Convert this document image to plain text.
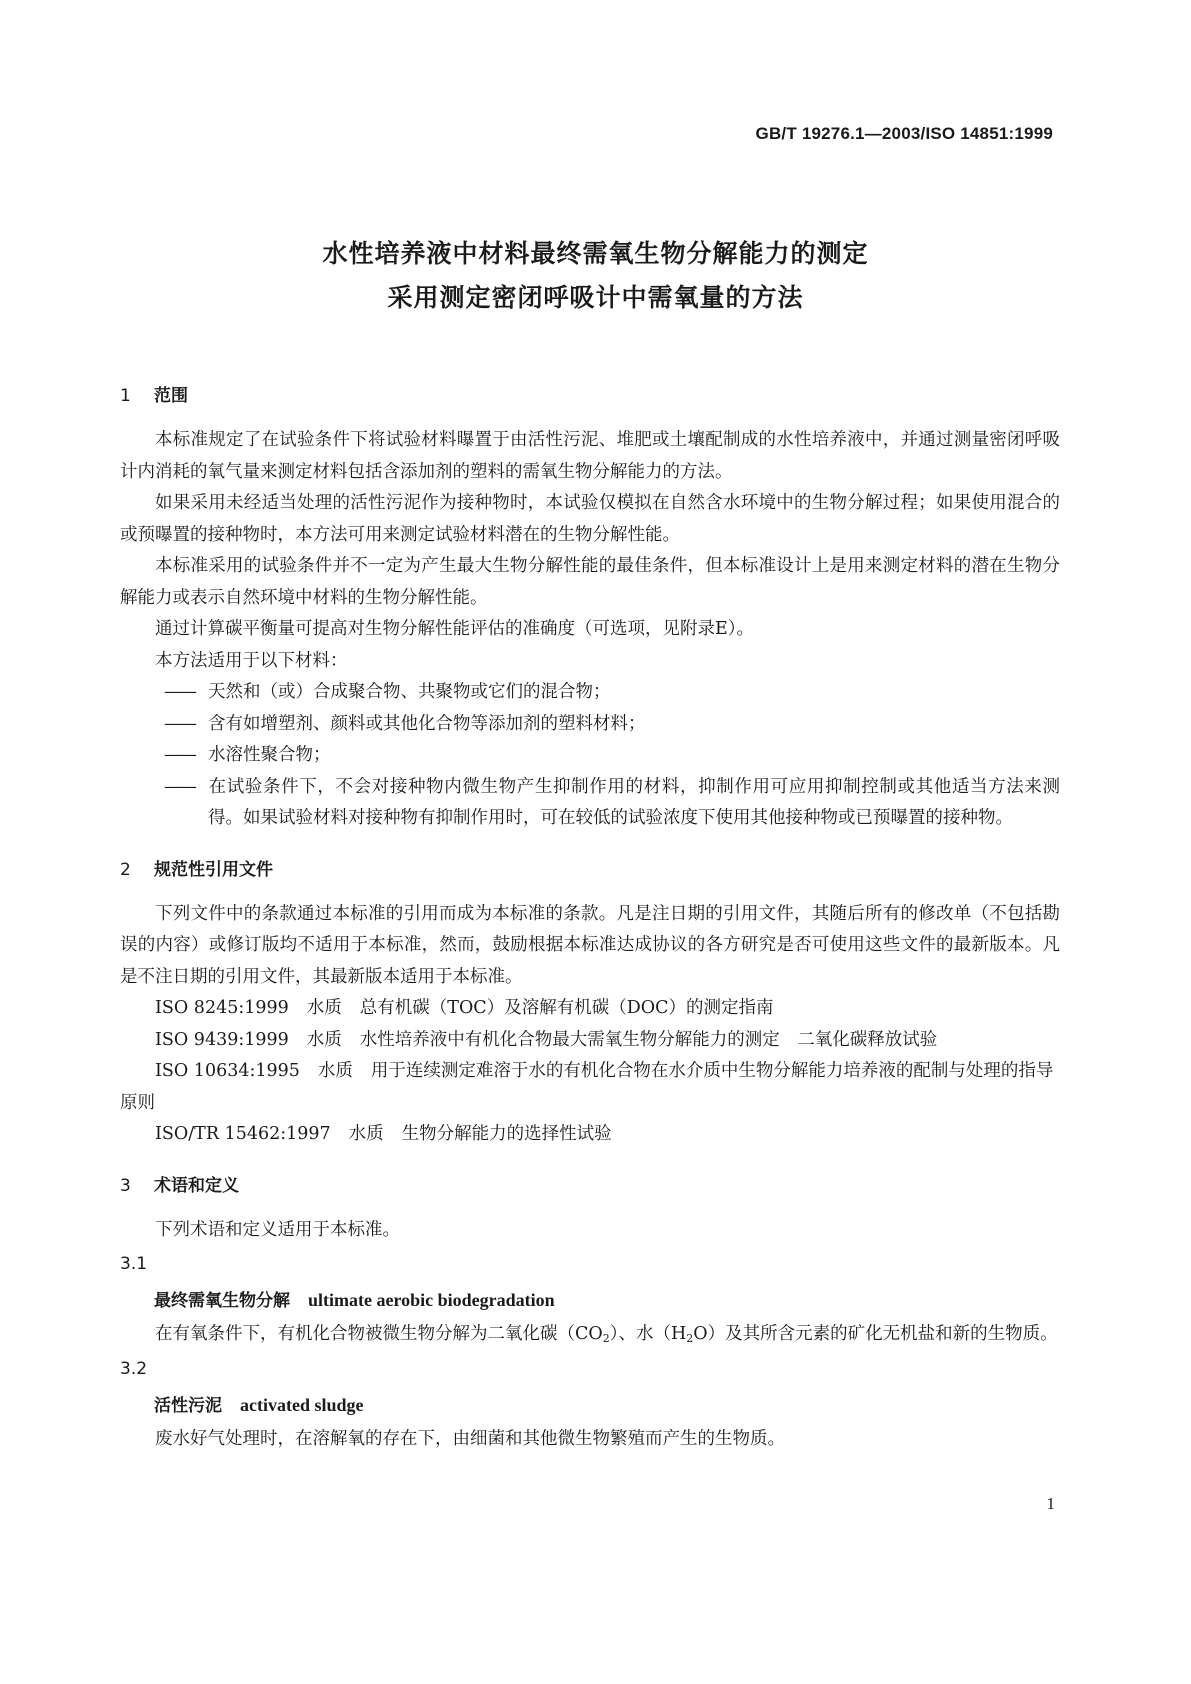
GB/T 19276.1—2003/ISO 14851:1999
水性培养液中材料最终需氧生物分解能力的测定
采用测定密闭呼吸计中需氧量的方法
1 范围

本标准规定了在试验条件下将试验材料曝置于由活性污泥、堆肥或土壤配制成的水性培养液中，并通过测量密闭呼吸计内消耗的氧气量来测定材料包括含添加剂的塑料的需氧生物分解能力的方法。

如果采用未经适当处理的活性污泥作为接种物时，本试验仅模拟在自然含水环境中的生物分解过程；如果使用混合的或预曝置的接种物时，本方法可用来测定试验材料潜在的生物分解性能。

本标准采用的试验条件并不一定为产生最大生物分解性能的最佳条件，但本标准设计上是用来测定材料的潜在生物分解能力或表示自然环境中材料的生物分解性能。

通过计算碳平衡量可提高对生物分解性能评估的准确度（可选项，见附录E）。

本方法适用于以下材料：

—— 天然和（或）合成聚合物、共聚物或它们的混合物；

—— 含有如增塑剂、颜料或其他化合物等添加剂的塑料材料；

—— 水溶性聚合物；

—— 在试验条件下，不会对接种物内微生物产生抑制作用的材料，抑制作用可应用抑制控制或其他适当方法来测得。如果试验材料对接种物有抑制作用时，可在较低的试验浓度下使用其他接种物或已预曝置的接种物。

2 规范性引用文件

下列文件中的条款通过本标准的引用而成为本标准的条款。凡是注日期的引用文件，其随后所有的修改单（不包括勘误的内容）或修订版均不适用于本标准，然而，鼓励根据本标准达成协议的各方研究是否可使用这些文件的最新版本。凡是不注日期的引用文件，其最新版本适用于本标准。

ISO 8245:1999 水质 总有机碳（TOC）及溶解有机碳（DOC）的测定指南

ISO 9439:1999 水质 水性培养液中有机化合物最大需氧生物分解能力的测定　二氧化碳释放试验

ISO 10634:1995 水质 用于连续测定难溶于水的有机化合物在水介质中生物分解能力培养液的配制与处理的指导原则

ISO/TR 15462:1997 水质 生物分解能力的选择性试验

3 术语和定义

下列术语和定义适用于本标准。

3.1

最终需氧生物分解 ultimate aerobic biodegradation

在有氧条件下，有机化合物被微生物分解为二氧化碳$(CO_2)$、水$(H_2O)$及其所含元素的矿化无机盐和新的生物质。

3.2

活性污泥 activated sludge

废水好气处理时，在溶解氧的存在下，由细菌和其他微生物繁殖而产生的生物质。

1
